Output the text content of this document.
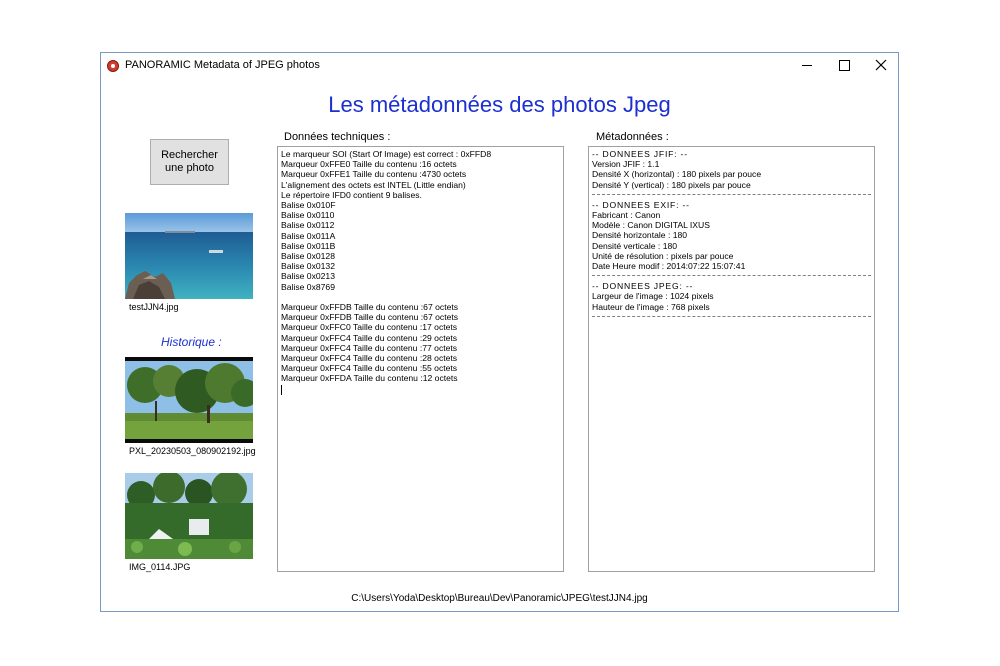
PANORAMIC Metadata of JPEG photos
Les métadonnées des photos Jpeg
Rechercher
une photo
testJJN4.jpg
Historique :
PXL_20230503_080902192.jpg
IMG_0114.JPG
Données techniques :
Le marqueur SOI (Start Of Image) est correct : 0xFFD8
Marqueur 0xFFE0 Taille du contenu :16 octets
Marqueur 0xFFE1 Taille du contenu :4730 octets
L'alignement des octets est INTEL (Little endian)
Le répertoire IFD0 contient 9 balises.
Balise 0x010F
Balise 0x0110
Balise 0x0112
Balise 0x011A
Balise 0x011B
Balise 0x0128
Balise 0x0132
Balise 0x0213
Balise 0x8769

Marqueur 0xFFDB Taille du contenu :67 octets
Marqueur 0xFFDB Taille du contenu :67 octets
Marqueur 0xFFC0 Taille du contenu :17 octets
Marqueur 0xFFC4 Taille du contenu :29 octets
Marqueur 0xFFC4 Taille du contenu :77 octets
Marqueur 0xFFC4 Taille du contenu :28 octets
Marqueur 0xFFC4 Taille du contenu :55 octets
Marqueur 0xFFDA Taille du contenu :12 octets
Métadonnées :
-- DONNEES JFIF: --
Version JFIF : 1.1
Densité X (horizontal) : 180 pixels par pouce
Densité Y (vertical) : 180 pixels par pouce
-- DONNEES EXIF: --
Fabricant : Canon
Modèle : Canon DIGITAL IXUS
Densité horizontale : 180
Densité verticale : 180
Unité de résolution : pixels par pouce
Date Heure modif : 2014:07:22 15:07:41
-- DONNEES JPEG: --
Largeur de l'image : 1024 pixels
Hauteur de l'image : 768 pixels
C:\Users\Yoda\Desktop\Bureau\Dev\Panoramic\JPEG\testJJN4.jpg
